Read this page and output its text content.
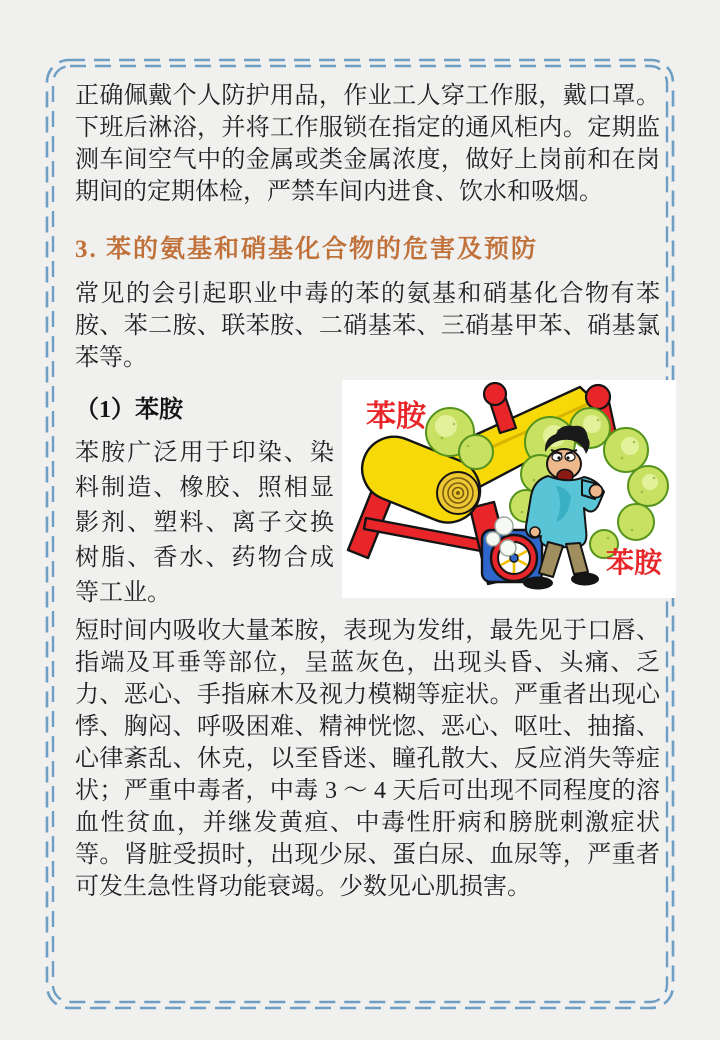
正确佩戴个人防护用品，作业工人穿工作服，戴口罩。下班后淋浴，并将工作服锁在指定的通风柜内。定期监测车间空气中的金属或类金属浓度，做好上岗前和在岗期间的定期体检，严禁车间内进食、饮水和吸烟。

3. 苯的氨基和硝基化合物的危害及预防

常见的会引起职业中毒的苯的氨基和硝基化合物有苯胺、苯二胺、联苯胺、二硝基苯、三硝基甲苯、硝基氯苯等。

苯胺
苯胺
（1）苯胺

苯胺广泛用于印染、染料制造、橡胶、照相显影剂、塑料、离子交换树脂、香水、药物合成等工业。

短时间内吸收大量苯胺，表现为发绀，最先见于口唇、指端及耳垂等部位，呈蓝灰色，出现头昏、头痛、乏力、恶心、手指麻木及视力模糊等症状。严重者出现心悸、胸闷、呼吸困难、精神恍惚、恶心、呕吐、抽搐、心律紊乱、休克，以至昏迷、瞳孔散大、反应消失等症状；严重中毒者，中毒 3 ～ 4 天后可出现不同程度的溶血性贫血，并继发黄疸、中毒性肝病和膀胱刺激症状等。肾脏受损时，出现少尿、蛋白尿、血尿等，严重者可发生急性肾功能衰竭。少数见心肌损害。
